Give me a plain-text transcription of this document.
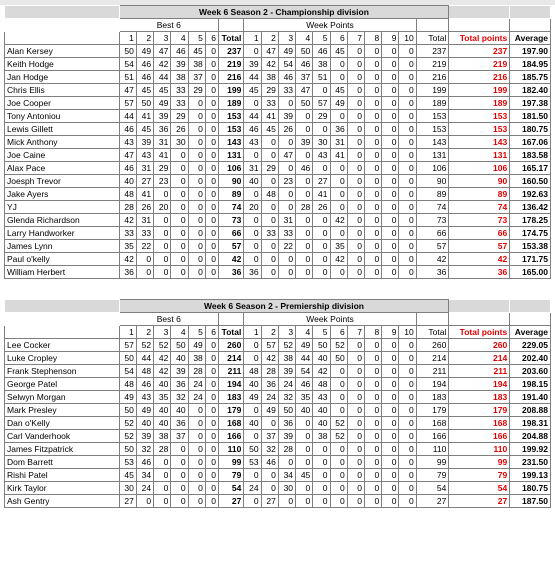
	Week 6 Season 2 - Championship division																			
	Best 6							Week Points												
	1	2	3	4	5	6	Total	1	2	3	4	5	6	7	8	9	10	Total	Total points	Average
Alan Kersey	50	49	47	46	45	0	237	0	47	49	50	46	45	0	0	0	0	237	237	197.90
Keith Hodge	54	46	42	39	38	0	219	39	42	54	46	38	0	0	0	0	0	219	219	184.95
Jan Hodge	51	46	44	38	37	0	216	44	38	46	37	51	0	0	0	0	0	216	216	185.75
Chris Ellis	47	45	45	33	29	0	199	45	29	33	47	0	45	0	0	0	0	199	199	182.40
Joe Cooper	57	50	49	33	0	0	189	0	33	0	50	57	49	0	0	0	0	189	189	197.38
Tony Antoniou	44	41	39	29	0	0	153	44	41	39	0	29	0	0	0	0	0	153	153	181.50
Lewis Gillett	46	45	36	26	0	0	153	46	45	26	0	0	36	0	0	0	0	153	153	180.75
Mick Anthony	43	39	31	30	0	0	143	43	0	0	39	30	31	0	0	0	0	143	143	167.06
Joe Caine	47	43	41	0	0	0	131	0	0	47	0	43	41	0	0	0	0	131	131	183.58
Alax Pace	46	31	29	0	0	0	106	31	29	0	46	0	0	0	0	0	0	106	106	165.17
Joesph Trevor	40	27	23	0	0	0	90	40	0	23	0	27	0	0	0	0	0	90	90	160.50
Jake Ayers	48	41	0	0	0	0	89	0	48	0	0	41	0	0	0	0	0	89	89	192.63
YJ	28	26	20	0	0	0	74	20	0	0	28	26	0	0	0	0	0	74	74	136.42
Glenda Richardson	42	31	0	0	0	0	73	0	0	31	0	0	42	0	0	0	0	73	73	178.25
Larry Handworker	33	33	0	0	0	0	66	0	33	33	0	0	0	0	0	0	0	66	66	174.75
James Lynn	35	22	0	0	0	0	57	0	0	22	0	0	35	0	0	0	0	57	57	153.38
Paul o'kelly	42	0	0	0	0	0	42	0	0	0	0	0	42	0	0	0	0	42	42	171.75
William Herbert	36	0	0	0	0	0	36	36	0	0	0	0	0	0	0	0	0	36	36	165.00
	Week 6 Season 2 - Premiership division																			
	Best 6							Week Points												
	1	2	3	4	5	6	Total	1	2	3	4	5	6	7	8	9	10	Total	Total points	Average
Lee Cocker	57	52	52	50	49	0	260	0	57	52	49	50	52	0	0	0	0	260	260	229.05
Luke Cropley	50	44	42	40	38	0	214	0	42	38	44	40	50	0	0	0	0	214	214	202.40
Frank Stephenson	54	48	42	39	28	0	211	48	28	39	54	42	0	0	0	0	0	211	211	203.60
George Patel	48	46	40	36	24	0	194	40	36	24	46	48	0	0	0	0	0	194	194	198.15
Selwyn Morgan	49	43	35	32	24	0	183	49	24	32	35	43	0	0	0	0	0	183	183	191.40
Mark Presley	50	49	40	40	0	0	179	0	49	50	40	40	0	0	0	0	0	179	179	208.88
Dan o'Kelly	52	40	40	36	0	0	168	40	0	36	0	40	52	0	0	0	0	168	168	198.31
Carl Vanderhook	52	39	38	37	0	0	166	0	37	39	0	38	52	0	0	0	0	166	166	204.88
James Fitzpatrick	50	32	28	0	0	0	110	50	32	28	0	0	0	0	0	0	0	110	110	199.92
Dom Barrett	53	46	0	0	0	0	99	53	46	0	0	0	0	0	0	0	0	99	99	231.50
Rishi Patel	45	34	0	0	0	0	79	0	0	34	45	0	0	0	0	0	0	79	79	199.13
Kirk Taylor	30	24	0	0	0	0	54	24	0	30	0	0	0	0	0	0	0	54	54	180.75
Ash Gentry	27	0	0	0	0	0	27	0	27	0	0	0	0	0	0	0	0	27	27	187.50
